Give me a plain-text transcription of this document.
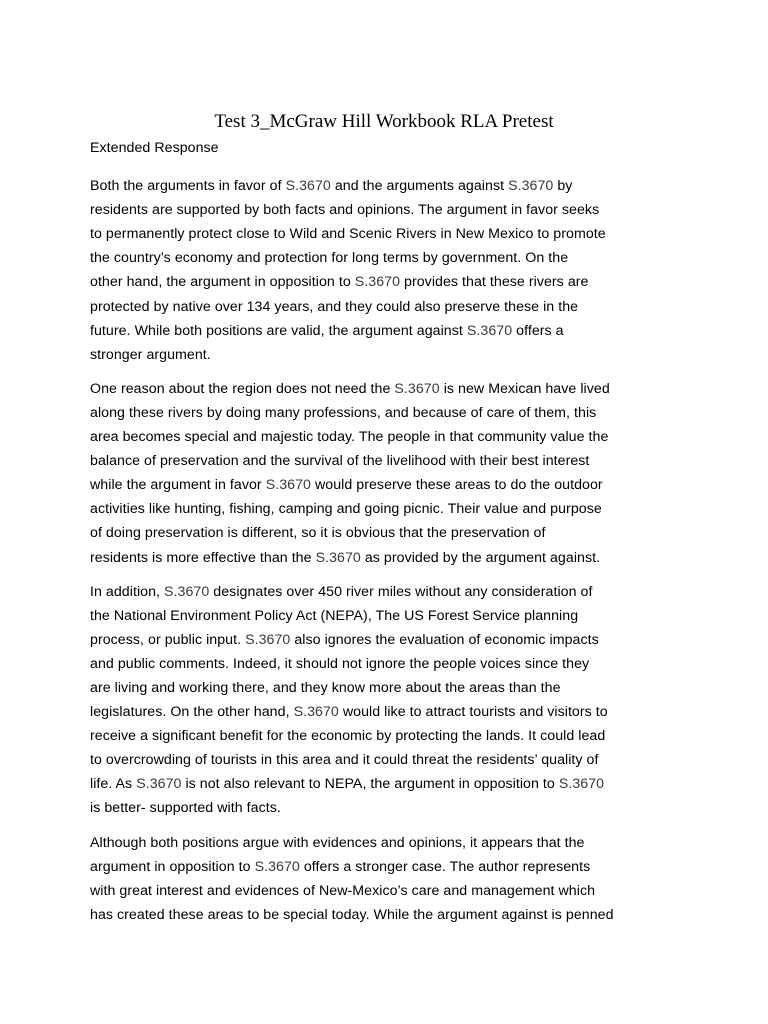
Test 3_McGraw Hill Workbook RLA Pretest

Extended Response

Both the arguments in favor of S.3670 and the arguments against S.3670 by
residents are supported by both facts and opinions. The argument in favor seeks
to permanently protect close to Wild and Scenic Rivers in New Mexico to promote
the country’s economy and protection for long terms by government. On the
other hand, the argument in opposition to S.3670 provides that these rivers are
protected by native over 134 years, and they could also preserve these in the
future. While both positions are valid, the argument against S.3670 offers a
stronger argument.

One reason about the region does not need the S.3670 is new Mexican have lived
along these rivers by doing many professions, and because of care of them, this
area becomes special and majestic today. The people in that community value the
balance of preservation and the survival of the livelihood with their best interest
while the argument in favor S.3670 would preserve these areas to do the outdoor
activities like hunting, fishing, camping and going picnic. Their value and purpose
of doing preservation is different, so it is obvious that the preservation of
residents is more effective than the S.3670 as provided by the argument against.

In addition, S.3670 designates over 450 river miles without any consideration of
the National Environment Policy Act (NEPA), The US Forest Service planning
process, or public input. S.3670 also ignores the evaluation of economic impacts
and public comments. Indeed, it should not ignore the people voices since they
are living and working there, and they know more about the areas than the
legislatures. On the other hand, S.3670 would like to attract tourists and visitors to
receive a significant benefit for the economic by protecting the lands. It could lead
to overcrowding of tourists in this area and it could threat the residents’ quality of
life. As S.3670 is not also relevant to NEPA, the argument in opposition to S.3670
is better- supported with facts.

Although both positions argue with evidences and opinions, it appears that the
argument in opposition to S.3670 offers a stronger case. The author represents
with great interest and evidences of New-Mexico’s care and management which
has created these areas to be special today. While the argument against is penned
